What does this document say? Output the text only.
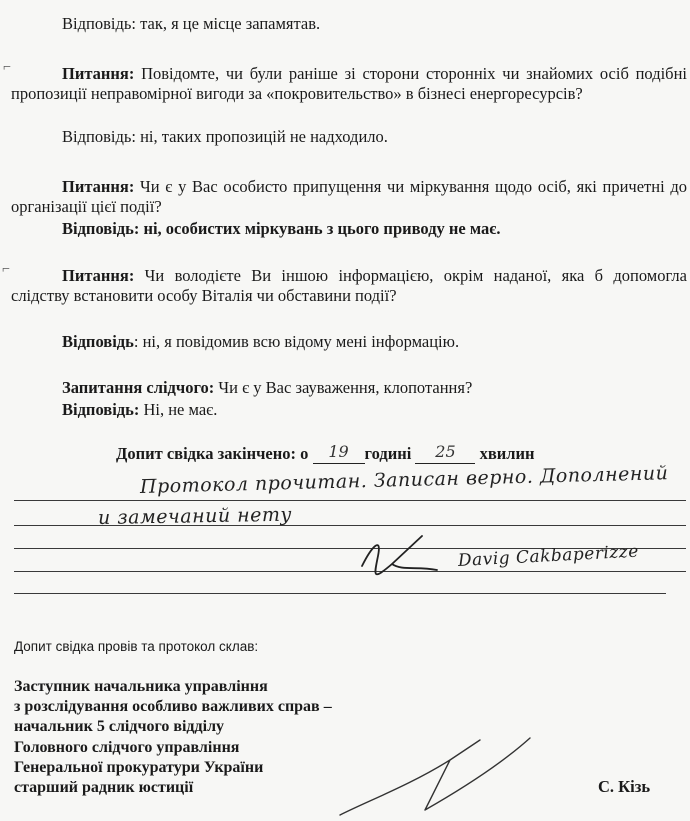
⌐
⌐
Відповідь: так, я це місце запамятав.
Питання: Повідомте, чи були раніше зі сторони сторонніх чи знайомих осіб подібні пропозиції неправомірної вигоди за «покровительство» в бізнесі енергоресурсів?
Відповідь: ні, таких пропозицій не надходило.
Питання: Чи є у Вас особисто припущення чи міркування щодо осіб, які причетні до організації цієї події?
Відповідь: ні, особистих міркувань з цього приводу не має.
Питання: Чи володієте Ви іншою інформацією, окрім наданої, яка б допомогла слідству встановити особу Віталія чи обставини події?
Відповідь: ні, я повідомив всю відому мені інформацію.
Запитання слідчого: Чи є у Вас зауваження, клопотання?
Відповідь: Ні, не має.
Допит свідка закінчено: о	19 годині	25	хвилин
Протокол прочитан. Записан верно. Дополнений
и замечаний нету
Davig Cakbaperizze
Допит свідка провів та протокол склав:
Заступник начальника управління
з розслідування особливо важливих справ –
начальник 5 слідчого відділу
Головного слідчого управління
Генеральної прокуратури України
старший радник юстиції	С. Кізь
